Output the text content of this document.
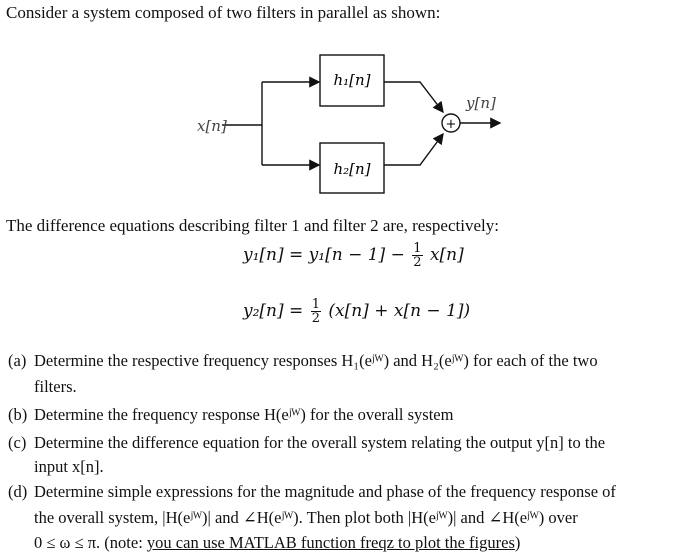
Consider a system composed of two filters in parallel as shown:
h₁[n]
h₂[n]
+
x[n]
y[n]
The difference equations describing filter 1 and filter 2 are, respectively:
$y_1[n] = y_1[n - 1] - \frac{1}{2} x[n]$
$y_2[n] = \frac{1}{2} (x[n] + x[n - 1])$
(a) Determine the respective frequency responses H₁(eʲᵂ) and H₂(eʲᵂ) for each of the two
filters.
(b) Determine the frequency response H(eʲᵂ) for the overall system
(c) Determine the difference equation for the overall system relating the output y[n] to the
input x[n].
(d) Determine simple expressions for the magnitude and phase of the frequency response of
the overall system, |H(eʲᵂ)| and ∠H(eʲᵂ). Then plot both |H(eʲᵂ)| and ∠H(eʲᵂ) over
0 ≤ ω ≤ π. (note: you can use MATLAB function freqz to plot the figures)
